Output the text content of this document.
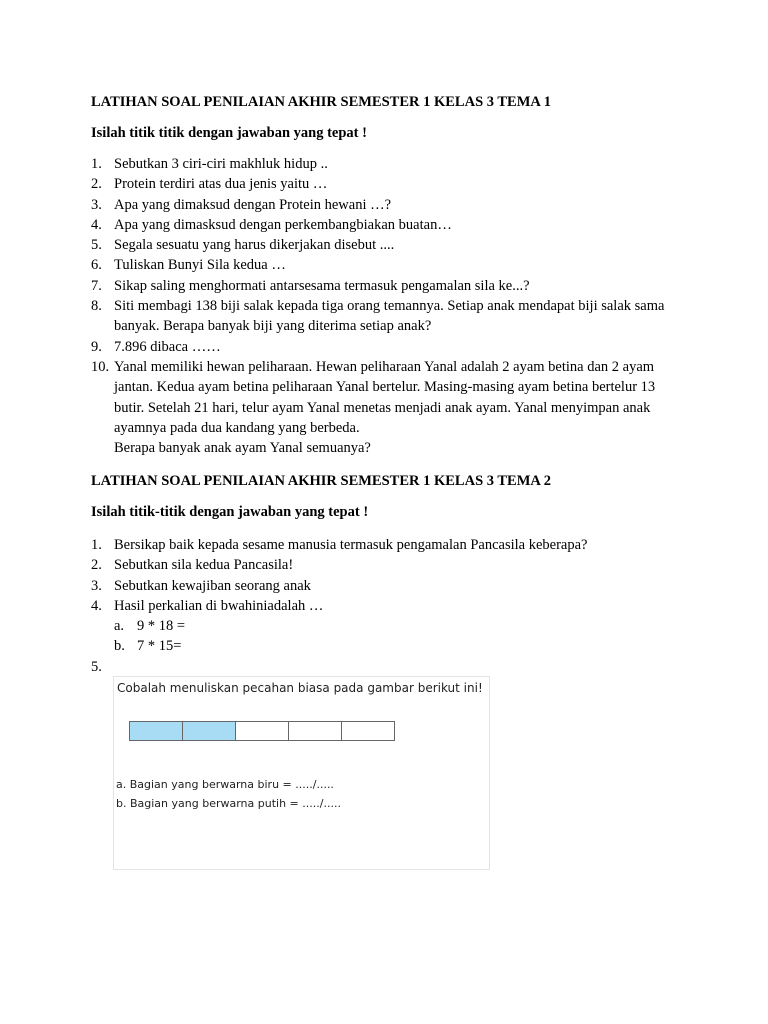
LATIHAN SOAL PENILAIAN AKHIR SEMESTER 1 KELAS 3 TEMA 1
Isilah titik titik dengan jawaban yang tepat !
1. Sebutkan 3 ciri-ciri makhluk hidup ..
2. Protein terdiri atas dua jenis yaitu …
3. Apa yang dimaksud dengan Protein hewani …?
4. Apa yang dimasksud dengan perkembangbiakan buatan…
5. Segala sesuatu yang harus dikerjakan disebut ....
6. Tuliskan Bunyi Sila kedua …
7. Sikap saling menghormati antarsesama termasuk pengamalan sila ke...?
8. Siti membagi 138 biji salak kepada tiga orang temannya. Setiap anak mendapat biji salak sama banyak. Berapa banyak biji yang diterima setiap anak?
9. 7.896 dibaca ……
10. Yanal memiliki hewan peliharaan. Hewan peliharaan Yanal adalah 2 ayam betina dan 2 ayam jantan. Kedua ayam betina peliharaan Yanal bertelur. Masing-masing ayam betina bertelur 13 butir. Setelah 21 hari, telur ayam Yanal menetas menjadi anak ayam. Yanal menyimpan anak ayamnya pada dua kandang yang berbeda.
Berapa banyak anak ayam Yanal semuanya?
LATIHAN SOAL PENILAIAN AKHIR SEMESTER 1 KELAS 3 TEMA 2
Isilah titik-titik dengan jawaban yang tepat !
1. Bersikap baik kepada sesame manusia termasuk pengamalan Pancasila keberapa?
2. Sebutkan sila kedua Pancasila!
3. Sebutkan kewajiban seorang anak
4. Hasil perkalian di bwahiniadalah …
a. 9 * 18 =
b. 7 * 15=
5.
Cobalah menuliskan pecahan biasa pada gambar berikut ini!
a. Bagian yang berwarna biru = ...../.....
b. Bagian yang berwarna putih = ...../.....
